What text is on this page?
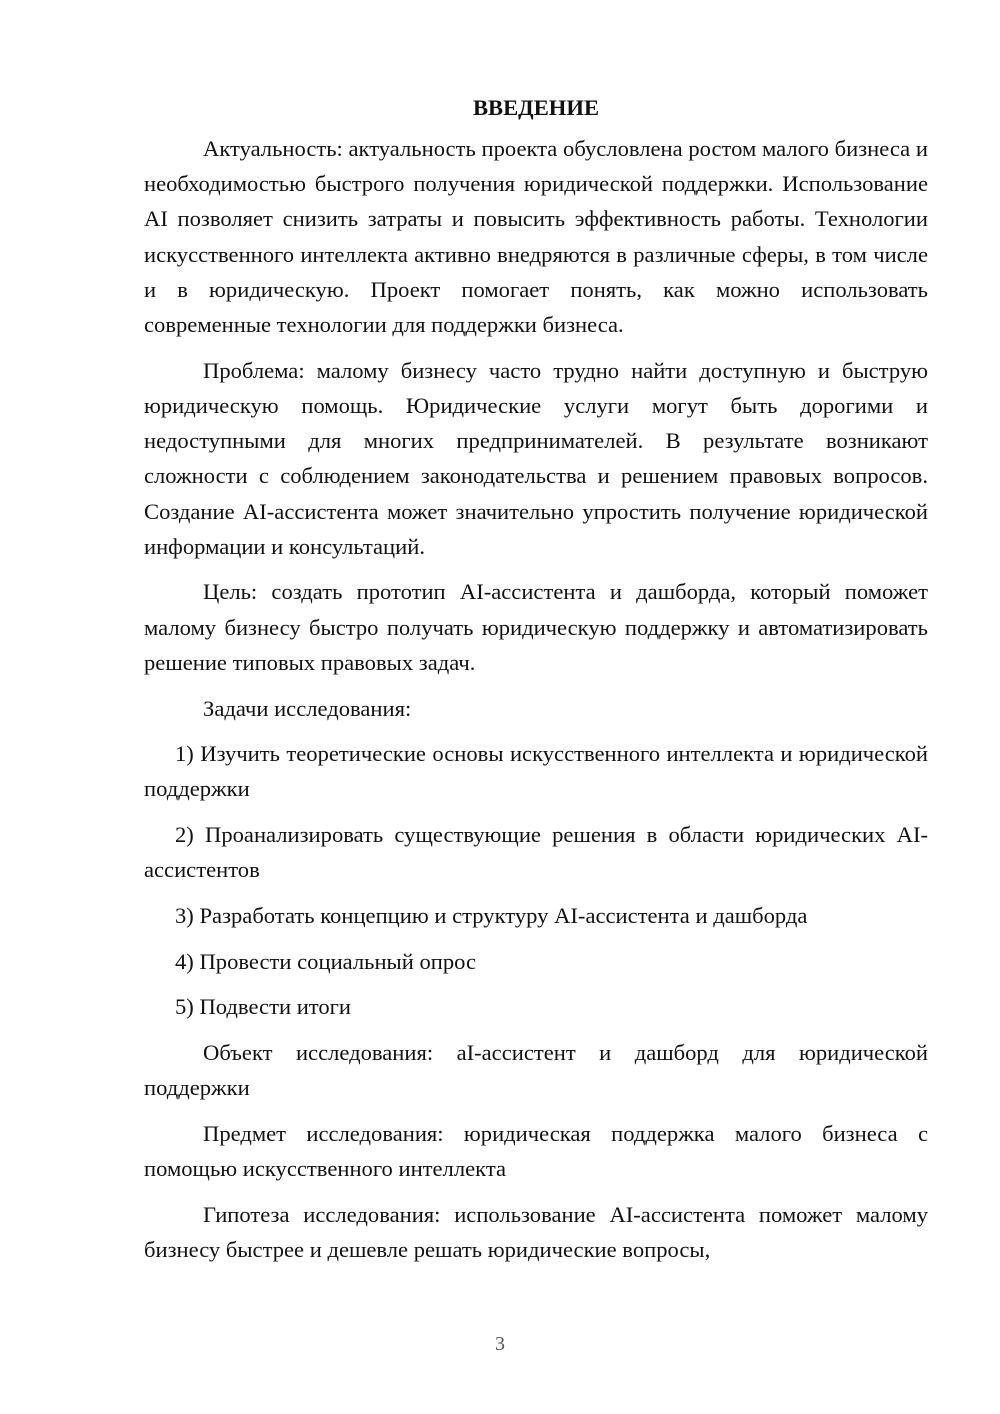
ВВЕДЕНИЕ

Актуальность: актуальность проекта обусловлена ростом малого бизнеса и необходимостью быстрого получения юридической поддержки. Использование AI позволяет снизить затраты и повысить эффективность работы. Технологии искусственного интеллекта активно внедряются в различные сферы, в том числе и в юридическую. Проект помогает понять, как можно использовать современные технологии для поддержки бизнеса.

Проблема: малому бизнесу часто трудно найти доступную и быструю юридическую помощь. Юридические услуги могут быть дорогими и недоступными для многих предпринимателей. В результате возникают сложности с соблюдением законодательства и решением правовых вопросов. Создание AI-ассистента может значительно упростить получение юридической информации и консультаций.

Цель: создать прототип AI-ассистента и дашборда, который поможет малому бизнесу быстро получать юридическую поддержку и автоматизировать решение типовых правовых задач.

Задачи исследования:

1) Изучить теоретические основы искусственного интеллекта и юридической поддержки

2) Проанализировать существующие решения в области юридических AI-ассистентов

3) Разработать концепцию и структуру AI-ассистента и дашборда

4) Провести социальный опрос

5) Подвести итоги

Объект исследования: aI-ассистент и дашборд для юридической поддержки

Предмет исследования: юридическая поддержка малого бизнеса с помощью искусственного интеллекта

Гипотеза исследования: использование AI-ассистента поможет малому бизнесу быстрее и дешевле решать юридические вопросы,

3
